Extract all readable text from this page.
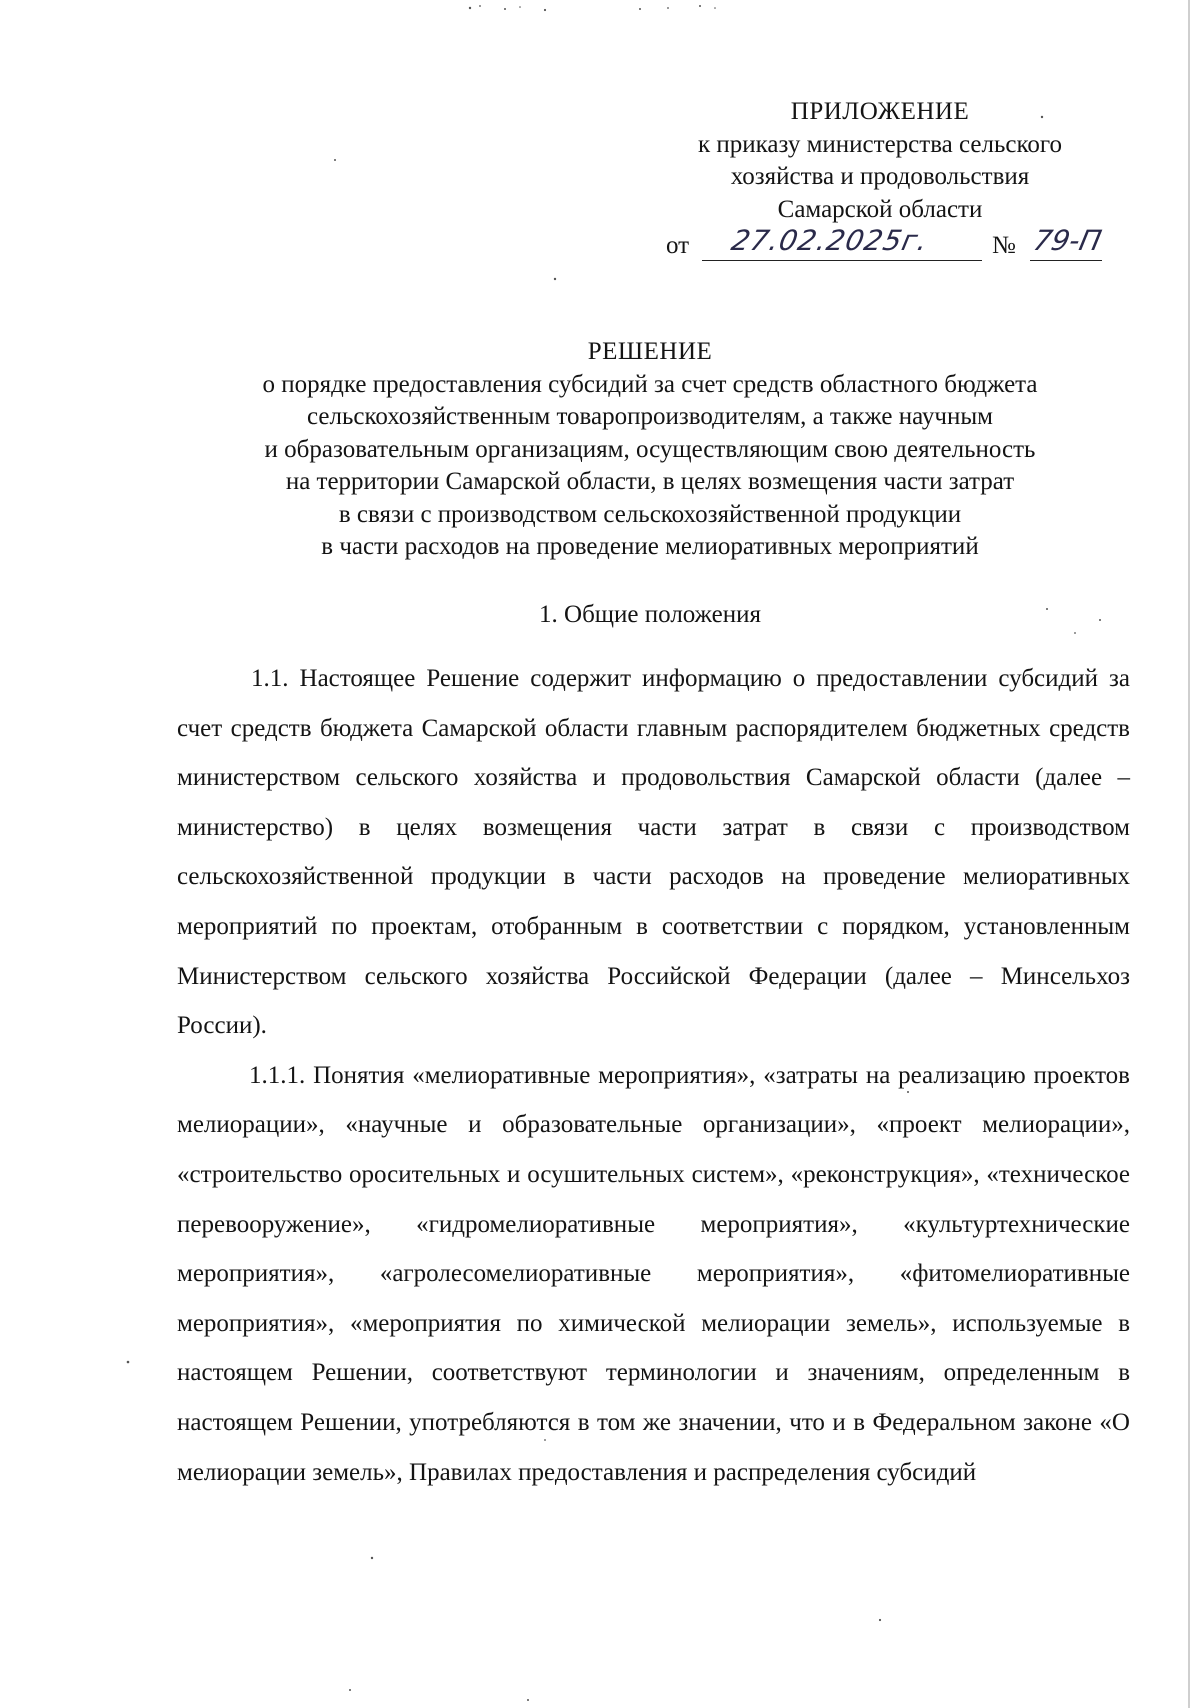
ПРИЛОЖЕНИЕ
к приказу министерства сельского
хозяйства и продовольствия
Самарской области
от 27.02.2025г. № 79-П
РЕШЕНИЕ
о порядке предоставления субсидий за счет средств областного бюджета
сельскохозяйственным товаропроизводителям, а также научным
и образовательным организациям, осуществляющим свою деятельность
на территории Самарской области, в целях возмещения части затрат
в связи с производством сельскохозяйственной продукции
в части расходов на проведение мелиоративных мероприятий
1. Общие положения

1.1. Настоящее Решение содержит информацию о предоставлении субсидий за счет средств бюджета Самарской области главным распорядителем бюджетных средств министерством сельского хозяйства и продовольствия Самарской области (далее – министерство) в целях возмещения части затрат в связи с производством сельскохозяйственной продукции в части расходов на проведение мелиоративных мероприятий по проектам, отобранным в соответствии с порядком, установленным Министерством сельского хозяйства Российской Федерации (далее – Минсельхоз России).

1.1.1. Понятия «мелиоративные мероприятия», «затраты на реализацию проектов мелиорации», «научные и образовательные организации», «проект мелиорации», «строительство оросительных и осушительных систем», «реконструкция», «техническое перевооружение», «гидромелиоративные мероприятия», «культуртехнические мероприятия», «агролесомелиоративные мероприятия», «фитомелиоративные мероприятия», «мероприятия по химической мелиорации земель», используемые в настоящем Решении, соответствуют терминологии и значениям, определенным в настоящем Решении, употребляются в том же значении, что и в Федеральном законе «О мелиорации земель», Правилах предоставления и распределения субсидий
